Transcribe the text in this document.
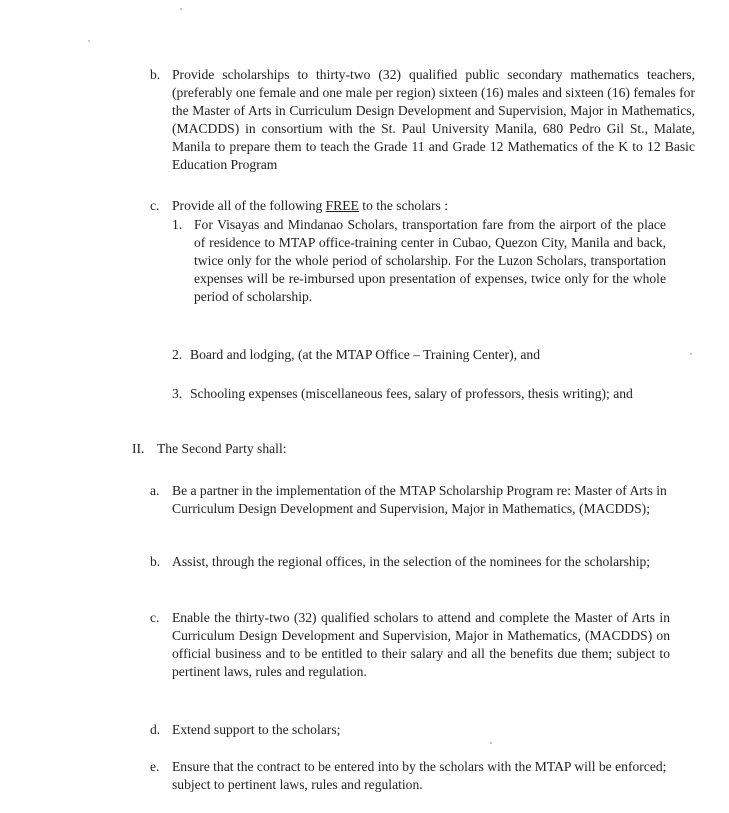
b. Provide scholarships to thirty-two (32) qualified public secondary mathematics teachers, (preferably one female and one male per region) sixteen (16) males and sixteen (16) females for the Master of Arts in Curriculum Design Development and Supervision, Major in Mathematics, (MACDDS) in consortium with the St. Paul University Manila, 680 Pedro Gil St., Malate, Manila to prepare them to teach the Grade 11 and Grade 12 Mathematics of the K to 12 Basic Education Program
c. Provide all of the following FREE to the scholars :
1. For Visayas and Mindanao Scholars, transportation fare from the airport of the place of residence to MTAP office-training center in Cubao, Quezon City, Manila and back, twice only for the whole period of scholarship. For the Luzon Scholars, transportation expenses will be re-imbursed upon presentation of expenses, twice only for the whole period of scholarship.
2. Board and lodging, (at the MTAP Office – Training Center), and
3. Schooling expenses (miscellaneous fees, salary of professors, thesis writing); and
II. The Second Party shall:
a. Be a partner in the implementation of the MTAP Scholarship Program re: Master of Arts in Curriculum Design Development and Supervision, Major in Mathematics, (MACDDS);
b. Assist, through the regional offices, in the selection of the nominees for the scholarship;
c. Enable the thirty-two (32) qualified scholars to attend and complete the Master of Arts in Curriculum Design Development and Supervision, Major in Mathematics, (MACDDS) on official business and to be entitled to their salary and all the benefits due them; subject to pertinent laws, rules and regulation.
d. Extend support to the scholars;
e. Ensure that the contract to be entered into by the scholars with the MTAP will be enforced; subject to pertinent laws, rules and regulation.
